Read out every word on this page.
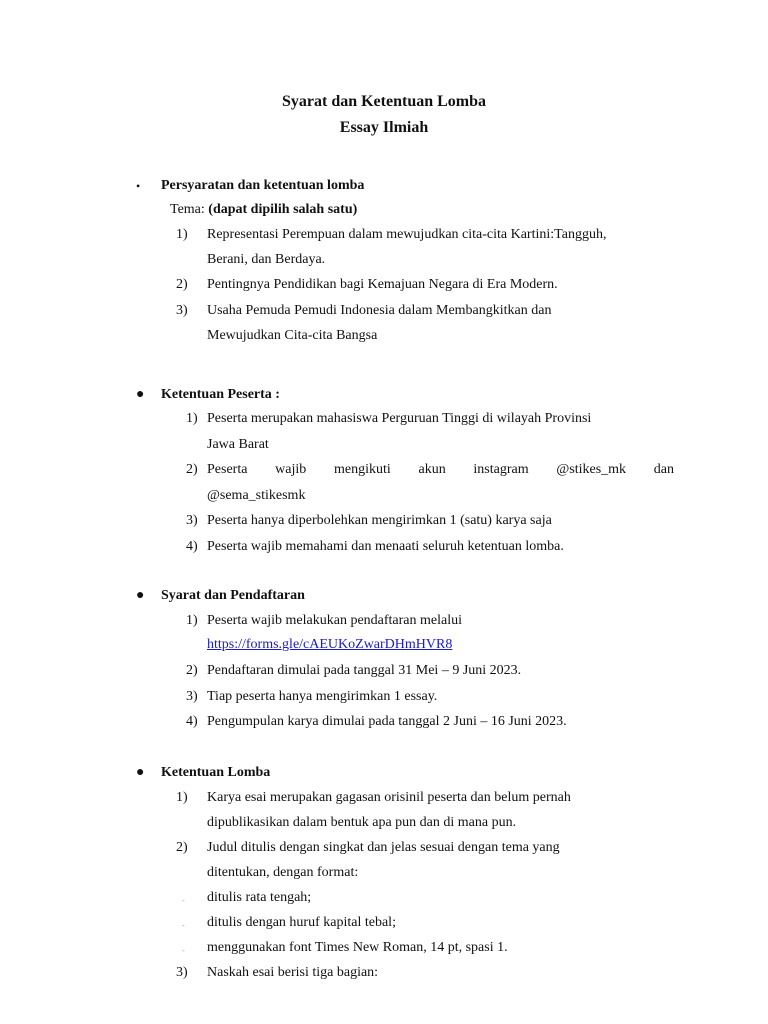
Syarat dan Ketentuan Lomba
Essay Ilmiah
• Persyaratan dan ketentuan lomba
Tema: (dapat dipilih salah satu)
1) Representasi Perempuan dalam mewujudkan cita-cita Kartini:Tangguh,
Berani, dan Berdaya.
2) Pentingnya Pendidikan bagi Kemajuan Negara di Era Modern.
3) Usaha Pemuda Pemudi Indonesia dalam Membangkitkan dan
Mewujudkan Cita-cita Bangsa
● Ketentuan Peserta :
1) Peserta merupakan mahasiswa Perguruan Tinggi di wilayah Provinsi
Jawa Barat
2) Peserta wajib mengikuti akun instagram @stikes_mk dan
@sema_stikesmk
3) Peserta hanya diperbolehkan mengirimkan 1 (satu) karya saja
4) Peserta wajib memahami dan menaati seluruh ketentuan lomba.
● Syarat dan Pendaftaran
1) Peserta wajib melakukan pendaftaran melalui
https://forms.gle/cAEUKoZwarDHmHVR8
2) Pendaftaran dimulai pada tanggal 31 Mei – 9 Juni 2023.
3) Tiap peserta hanya mengirimkan 1 essay.
4) Pengumpulan karya dimulai pada tanggal 2 Juni – 16 Juni 2023.
● Ketentuan Lomba
1) Karya esai merupakan gagasan orisinil peserta dan belum pernah
dipublikasikan dalam bentuk apa pun dan di mana pun.
2) Judul ditulis dengan singkat dan jelas sesuai dengan tema yang
ditentukan, dengan format:
- ditulis rata tengah;
- ditulis dengan huruf kapital tebal;
- menggunakan font Times New Roman, 14 pt, spasi 1.
3) Naskah esai berisi tiga bagian:
